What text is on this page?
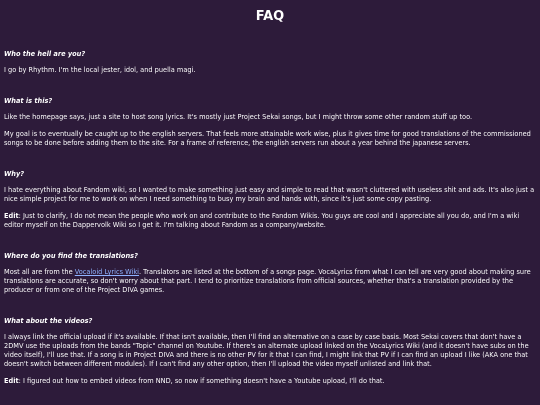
FAQ

Who the hell are you?

I go by Rhythm. I'm the local jester, idol, and puella magi.

What is this?

Like the homepage says, just a site to host song lyrics. It's mostly just Project Sekai songs, but I might throw some other random stuff up too.

My goal is to eventually be caught up to the english servers. That feels more attainable work wise, plus it gives time for good translations of the commissioned songs to be done before adding them to the site. For a frame of reference, the english servers run about a year behind the japanese servers.

Why?

I hate everything about Fandom wiki, so I wanted to make something just easy and simple to read that wasn't cluttered with useless shit and ads. It's also just a nice simple project for me to work on when I need something to busy my brain and hands with, since it's just some copy pasting.

Edit: Just to clarify, I do not mean the people who work on and contribute to the Fandom Wikis. You guys are cool and I appreciate all you do, and I'm a wiki editor myself on the Dappervolk Wiki so I get it. I'm talking about Fandom as a company/website.

Where do you find the translations?

Most all are from the Vocaloid Lyrics Wiki. Translators are listed at the bottom of a songs page. VocaLyrics from what I can tell are very good about making sure translations are accurate, so don't worry about that part. I tend to prioritize translations from official sources, whether that's a translation provided by the producer or from one of the Project DIVA games.

What about the videos?

I always link the official upload if it's available. If that isn't available, then I'll find an alternative on a case by case basis. Most Sekai covers that don't have a 2DMV use the uploads from the bands "Topic" channel on Youtube. If there's an alternate upload linked on the VocaLyrics Wiki (and it doesn't have subs on the video itself), I'll use that. If a song is in Project DIVA and there is no other PV for it that I can find, I might link that PV if I can find an upload I like (AKA one that doesn't switch between different modules). If I can't find any other option, then I'll upload the video myself unlisted and link that.

Edit: I figured out how to embed videos from NND, so now if something doesn't have a Youtube upload, I'll do that.
